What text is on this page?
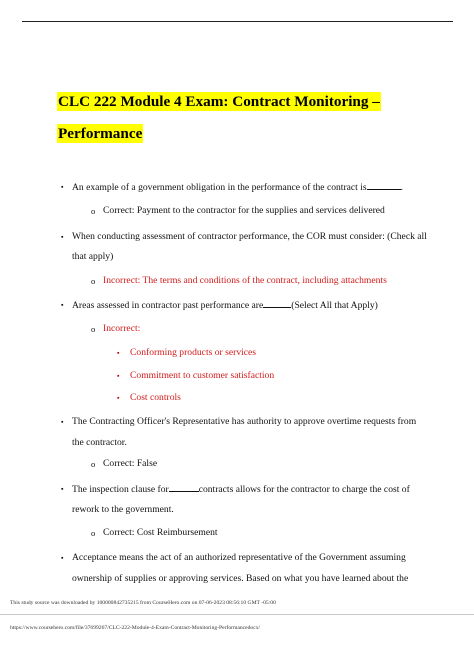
CLC 222 Module 4 Exam: Contract Monitoring –
Performance
▪ An example of a government obligation in the performance of the contract is	.
o Correct: Payment to the contractor for the supplies and services delivered
▪ When conducting assessment of contractor performance, the COR must consider: (Check all
that apply)
o Incorrect: The terms and conditions of the contract, including attachments
▪ Areas assessed in contractor past performance are	(Select All that Apply)
o Incorrect:
▪ Conforming products or services
▪ Commitment to customer satisfaction
▪ Cost controls
▪ The Contracting Officer's Representative has authority to approve overtime requests from
the contractor.
o Correct: False
▪ The inspection clause for	contracts allows for the contractor to charge the cost of
rework to the government.
o Correct: Cost Reimbursement
▪ Acceptance means the act of an authorized representative of the Government assuming
ownership of supplies or approving services. Based on what you have learned about the
This study source was downloaded by 100000842735215 from CourseHero.com on 07-06-2023 08:56:10 GMT -05:00
https://www.coursehero.com/file/37699267/CLC-222-Module-4-Exam-Contract-Monitoring-Performancedocx/
